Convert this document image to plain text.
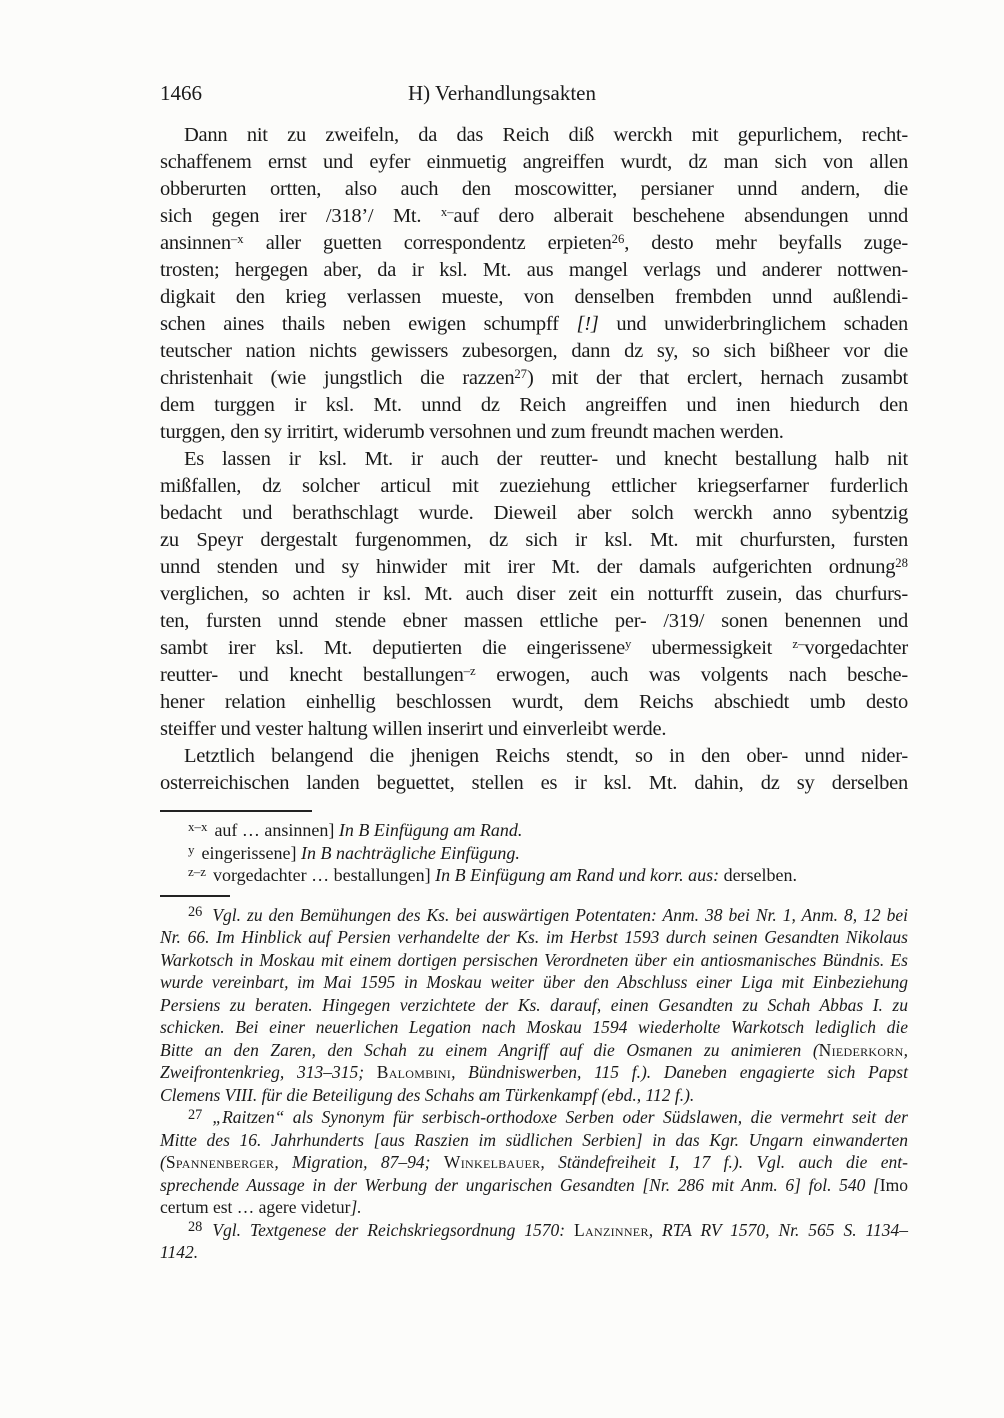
1466	H) Verhandlungsakten
Dann nit zu zweifeln, da das Reich diß werckh mit gepurlichem, recht-
schaffenem ernst und eyfer einmuetig angreiffen wurdt, dz man sich von allen
obberurten ortten, also auch den moscowitter, persianer unnd andern, die
sich gegen irer /318’/ Mt. $^{x-}$auf dero alberait beschehene absendungen unnd
ansinnen$^{-x}$ aller guetten correspondentz erpieten$^{26}$, desto mehr beyfalls zuge-
trosten; hergegen aber, da ir ksl. Mt. aus mangel verlags und anderer nottwen-
digkait den krieg verlassen mueste, von denselben frembden unnd außlendi-
schen aines thails neben ewigen schumpff [!] und unwiderbringlichem schaden
teutscher nation nichts gewissers zubesorgen, dann dz sy, so sich bißheer vor die
christenhait (wie jungstlich die razzen$^{27}$) mit der that erclert, hernach zusambt
dem turggen ir ksl. Mt. unnd dz Reich angreiffen und inen hiedurch den
turggen, den sy irritirt, widerumb versohnen und zum freundt machen werden.
Es lassen ir ksl. Mt. ir auch der reutter- und knecht bestallung halb nit
mißfallen, dz solcher articul mit zueziehung ettlicher kriegserfarner furderlich
bedacht und berathschlagt wurde. Dieweil aber solch werckh anno sybentzig
zu Speyr dergestalt furgenommen, dz sich ir ksl. Mt. mit churfursten, fursten
unnd stenden und sy hinwider mit irer Mt. der damals aufgerichten ordnung$^{28}$
verglichen, so achten ir ksl. Mt. auch diser zeit ein notturfft zusein, das churfurs-
ten, fursten unnd stende ebner massen ettliche per- /319/ sonen benennen und
sambt irer ksl. Mt. deputierten die eingerissene$^y$ ubermessigkeit $^{z-}$vorgedachter
reutter- und knecht bestallungen$^{-z}$ erwogen, auch was volgents nach besche-
hener relation einhellig beschlossen wurdt, dem Reichs abschiedt umb desto
steiffer und vester haltung willen inserirt und einverleibt werde.
Letztlich belangend die jhenigen Reichs stendt, so in den ober- unnd nider-
osterreichischen landen beguettet, stellen es ir ksl. Mt. dahin, dz sy derselben
$^{x-x}$ auf … ansinnen] In B Einfügung am Rand.
$^y$ eingerissene] In B nachträgliche Einfügung.
$^{z-z}$ vorgedachter … bestallungen] In B Einfügung am Rand und korr. aus: derselben.
$^{26}$ Vgl. zu den Bemühungen des Ks. bei auswärtigen Potentaten: Anm. 38 bei Nr. 1, Anm. 8, 12 bei
Nr. 66. Im Hinblick auf Persien verhandelte der Ks. im Herbst 1593 durch seinen Gesandten Nikolaus
Warkotsch in Moskau mit einem dortigen persischen Verordneten über ein antiosmanisches Bündnis. Es
wurde vereinbart, im Mai 1595 in Moskau weiter über den Abschluss einer Liga mit Einbeziehung
Persiens zu beraten. Hingegen verzichtete der Ks. darauf, einen Gesandten zu Schah Abbas I. zu
schicken. Bei einer neuerlichen Legation nach Moskau 1594 wiederholte Warkotsch lediglich die
Bitte an den Zaren, den Schah zu einem Angriff auf die Osmanen zu animieren (Niederkorn,
Zweifrontenkrieg, 313–315; Balombini, Bündniswerben, 115 f.). Daneben engagierte sich Papst
Clemens VIII. für die Beteiligung des Schahs am Türkenkampf (ebd., 112 f.).
$^{27}$ „Raitzen“ als Synonym für serbisch-orthodoxe Serben oder Südslawen, die vermehrt seit der
Mitte des 16. Jahrhunderts [aus Raszien im südlichen Serbien] in das Kgr. Ungarn einwanderten
(Spannenberger, Migration, 87–94; Winkelbauer, Ständefreiheit I, 17 f.). Vgl. auch die ent-
sprechende Aussage in der Werbung der ungarischen Gesandten [Nr. 286 mit Anm. 6] fol. 540 [Imo
certum est … agere videtur].
$^{28}$ Vgl. Textgenese der Reichskriegsordnung 1570: Lanzinner, RTA RV 1570, Nr. 565 S. 1134–
1142.
